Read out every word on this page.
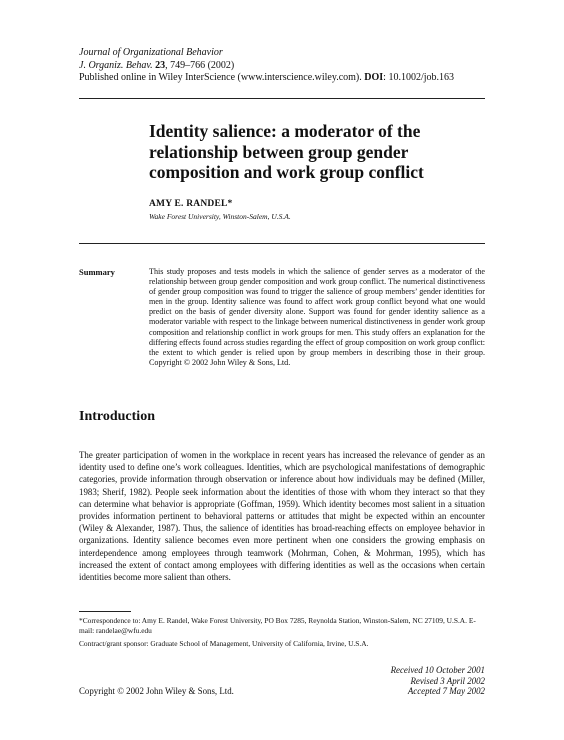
Journal of Organizational Behavior
J. Organiz. Behav. 23, 749–766 (2002)
Published online in Wiley InterScience (www.interscience.wiley.com). DOI: 10.1002/job.163
Identity salience: a moderator of the relationship between group gender composition and work group conflict
AMY E. RANDEL*
Wake Forest University, Winston-Salem, U.S.A.
Summary	This study proposes and tests models in which the salience of gender serves as a moderator of the relationship between group gender composition and work group conflict. The numerical distinctiveness of gender group composition was found to trigger the salience of group members’ gender identities for men in the group. Identity salience was found to affect work group conflict beyond what one would predict on the basis of gender diversity alone. Support was found for gender identity salience as a moderator variable with respect to the linkage between numerical distinctiveness in gender work group composition and relationship conflict in work groups for men. This study offers an explanation for the differing effects found across studies regarding the effect of group composition on work group conflict: the extent to which gender is relied upon by group members in describing those in their group. Copyright © 2002 John Wiley & Sons, Ltd.

Introduction

The greater participation of women in the workplace in recent years has increased the relevance of gender as an identity used to define one’s work colleagues. Identities, which are psychological manifestations of demographic categories, provide information through observation or inference about how individuals may be defined (Miller, 1983; Sherif, 1982). People seek information about the identities of those with whom they interact so that they can determine what behavior is appropriate (Goffman, 1959). Which identity becomes most salient in a situation provides information pertinent to behavioral patterns or attitudes that might be expected within an encounter (Wiley & Alexander, 1987). Thus, the salience of identities has broad-reaching effects on employee behavior in organizations. Identity salience becomes even more pertinent when one considers the growing emphasis on interdependence among employees through teamwork (Mohrman, Cohen, & Mohrman, 1995), which has increased the extent of contact among employees with differing identities as well as the occasions when certain identities become more salient than others.

*Correspondence to: Amy E. Randel, Wake Forest University, PO Box 7285, Reynolda Station, Winston-Salem, NC 27109, U.S.A. E-mail: randelae@wfu.edu

Contract/grant sponsor: Graduate School of Management, University of California, Irvine, U.S.A.

Received 10 October 2001
Revised 3 April 2002
Accepted 7 May 2002
Copyright © 2002 John Wiley & Sons, Ltd.
